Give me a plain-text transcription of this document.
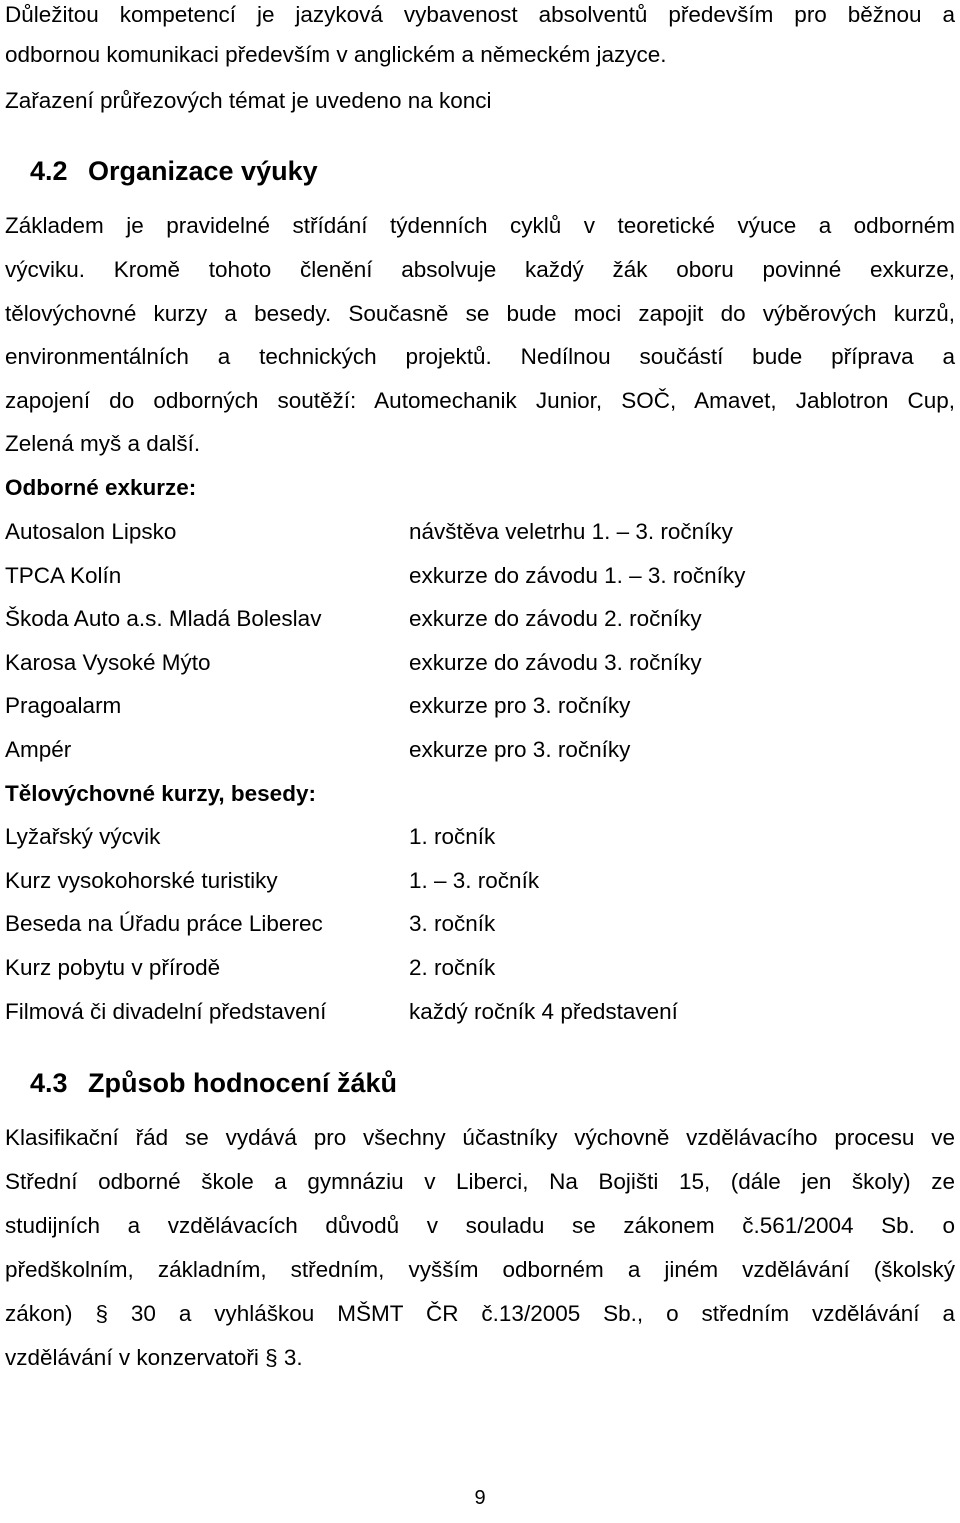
Důležitou kompetencí je jazyková vybavenost absolventů především pro běžnou a
odbornou komunikaci především v anglickém a německém jazyce.
Zařazení průřezových témat je uvedeno na konci
4.2 Organizace výuky
Základem je pravidelné střídání týdenních cyklů v teoretické výuce a odborném
výcviku. Kromě tohoto členění absolvuje každý žák oboru povinné exkurze,
tělovýchovné kurzy a besedy. Současně se bude moci zapojit do výběrových kurzů,
environmentálních a technických projektů. Nedílnou součástí bude příprava a
zapojení do odborných soutěží: Automechanik Junior, SOČ, Amavet, Jablotron Cup,
Zelená myš a další.
Odborné exkurze:
Autosalon Lipsko	návštěva veletrhu 1. – 3. ročníky
TPCA Kolín	exkurze do závodu 1. – 3. ročníky
Škoda Auto a.s. Mladá Boleslav	exkurze do závodu 2. ročníky
Karosa Vysoké Mýto	exkurze do závodu 3. ročníky
Pragoalarm	exkurze pro 3. ročníky
Ampér	exkurze pro 3. ročníky
Tělovýchovné kurzy, besedy:
Lyžařský výcvik	1. ročník
Kurz vysokohorské turistiky	1. – 3. ročník
Beseda na Úřadu práce Liberec	3. ročník
Kurz pobytu v přírodě	2. ročník
Filmová či divadelní představení	každý ročník 4 představení
4.3 Způsob hodnocení žáků
Klasifikační řád se vydává pro všechny účastníky výchovně vzdělávacího procesu ve
Střední odborné škole a gymnáziu v Liberci, Na Bojišti 15, (dále jen školy) ze
studijních a vzdělávacích důvodů v souladu se zákonem č.561/2004 Sb. o
předškolním, základním, středním, vyšším odborném a jiném vzdělávání (školský
zákon) § 30 a vyhláškou MŠMT ČR č.13/2005 Sb., o středním vzdělávání a
vzdělávání v konzervatoři § 3.
9
